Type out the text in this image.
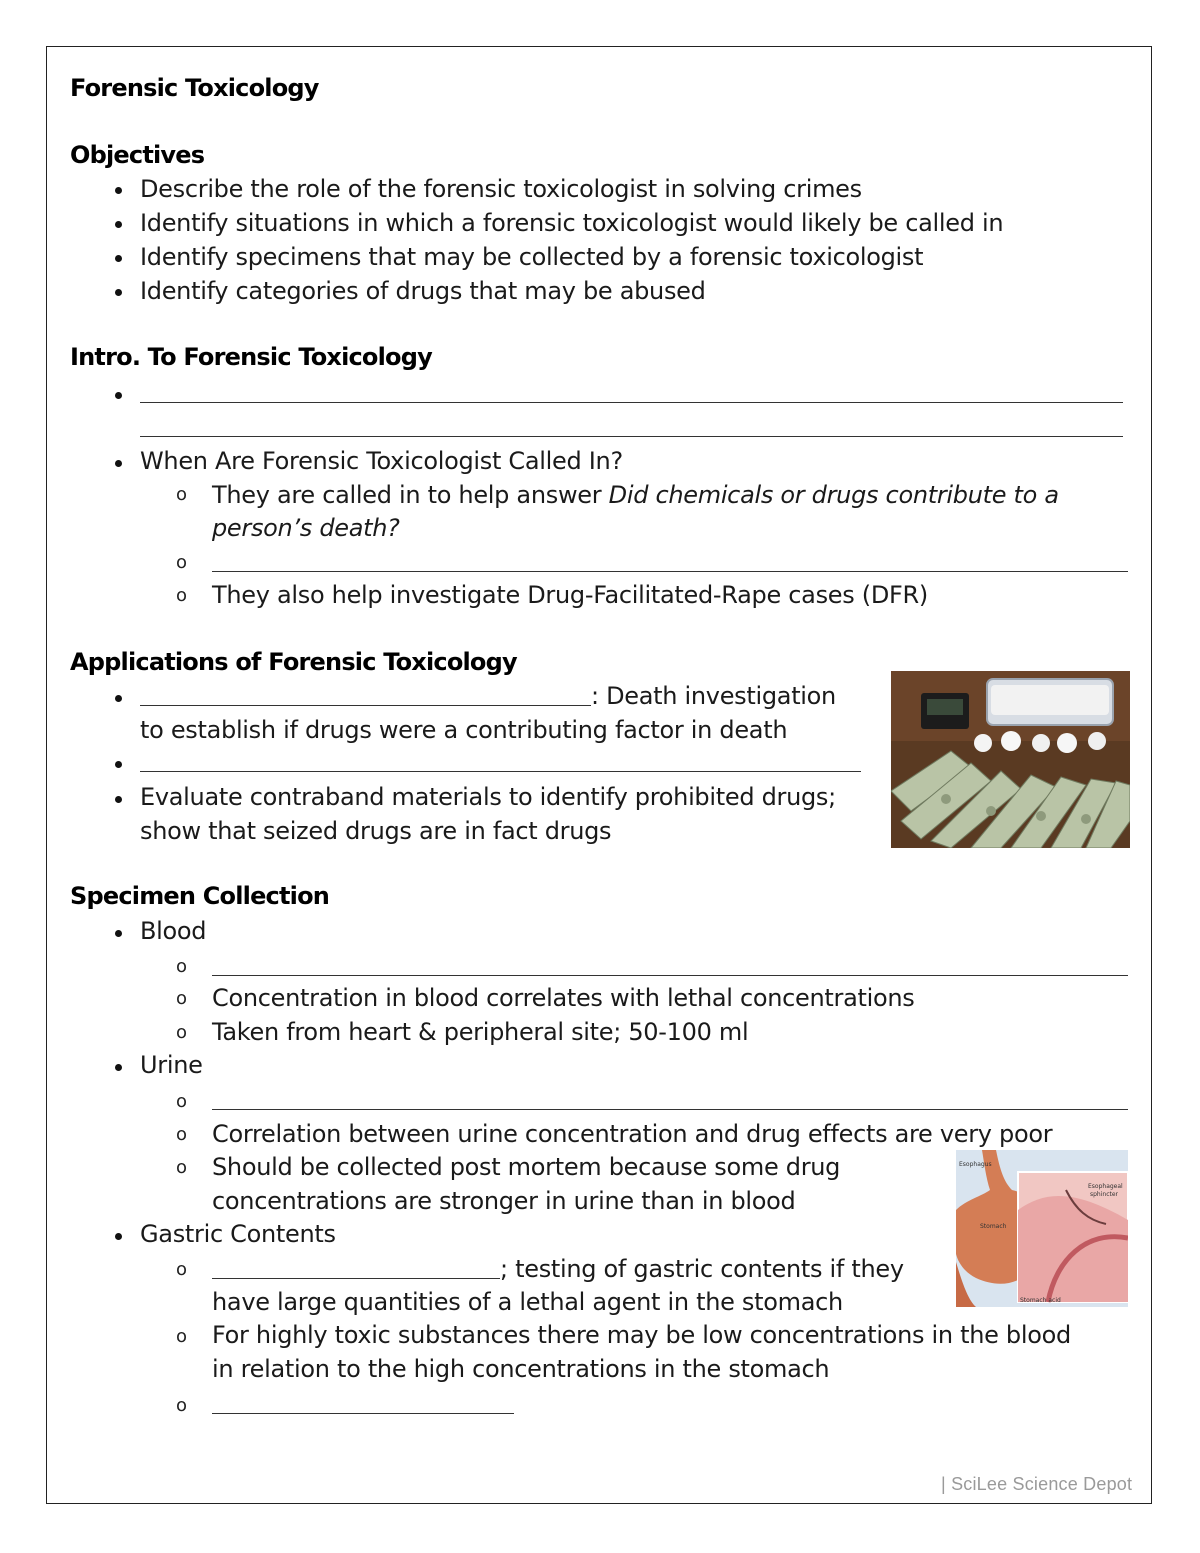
Forensic Toxicology
Objectives
Describe the role of the forensic toxicologist in solving crimes
Identify situations in which a forensic toxicologist would likely be called in
Identify specimens that may be collected by a forensic toxicologist
Identify categories of drugs that may be abused
Intro. To Forensic Toxicology
When Are Forensic Toxicologist Called In?
o They are called in to help answer Did chemicals or drugs contribute to a
person’s death?
o
o They also help investigate Drug-Facilitated-Rape cases (DFR)
Applications of Forensic Toxicology
: Death investigation
to establish if drugs were a contributing factor in death
Evaluate contraband materials to identify prohibited drugs;
show that seized drugs are in fact drugs
Specimen Collection
Blood
o
o Concentration in blood correlates with lethal concentrations
o Taken from heart & peripheral site; 50-100 ml
Urine
o
o Correlation between urine concentration and drug effects are very poor
o Should be collected post mortem because some drug
concentrations are stronger in urine than in blood
Gastric Contents
o	; testing of gastric contents if they
have large quantities of a lethal agent in the stomach
o For highly toxic substances there may be low concentrations in the blood
in relation to the high concentrations in the stomach
o
Esophagus
Esophageal
sphincter
Stomach
Stomach acid
| SciLee Science Depot
